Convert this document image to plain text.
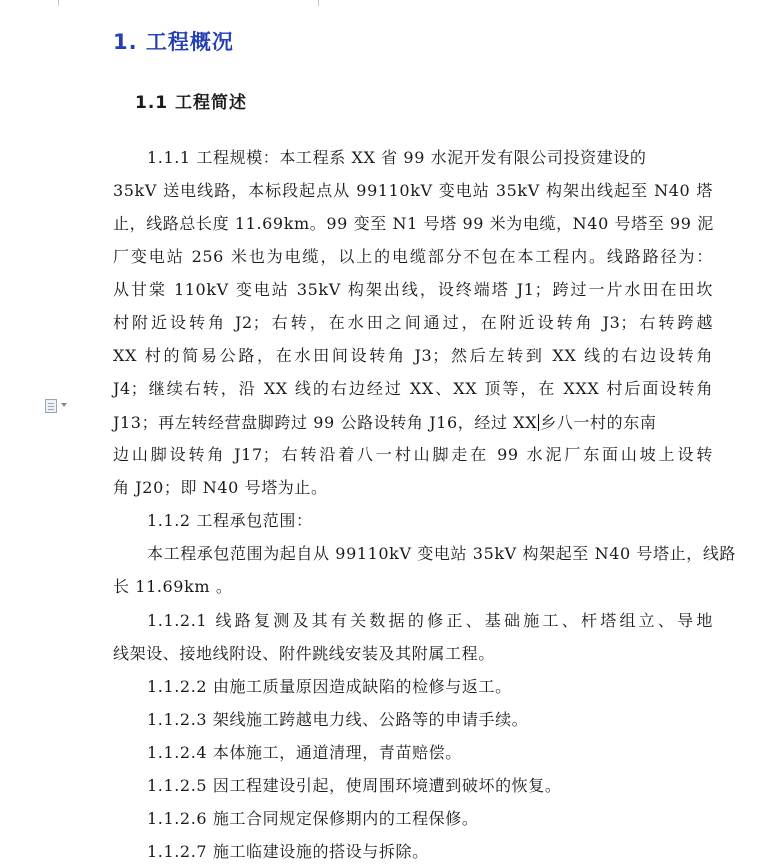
1. 工程概况
1.1 工程简述
1.1.1 工程规模：本工程系 XX 省 99 水泥开发有限公司投资建设的
35kV 送电线路，本标段起点从 99110kV 变电站 35kV 构架出线起至 N40 塔
止，线路总长度 11.69km。99 变至 N1 号塔 99 米为电缆，N40 号塔至 99 泥
厂变电站 256 米也为电缆，以上的电缆部分不包在本工程内。线路路径为：
从甘棠 110kV 变电站 35kV 构架出线，设终端塔 J1；跨过一片水田在田坎
村附近设转角 J2；右转，在水田之间通过，在附近设转角 J3；右转跨越
XX 村的简易公路，在水田间设转角 J3；然后左转到 XX 线的右边设转角
J4；继续右转，沿 XX 线的右边经过 XX、XX 顶等，在 XXX 村后面设转角
J13；再左转经营盘脚跨过 99 公路设转角 J16，经过 XX 乡八一村的东南
边山脚设转角 J17；右转沿着八一村山脚走在 99 水泥厂东面山坡上设转
角 J20；即 N40 号塔为止。
1.1.2 工程承包范围：
本工程承包范围为起自从 99110kV 变电站 35kV 构架起至 N40 号塔止，线路
长 11.69km 。
1.1.2.1 线路复测及其有关数据的修正、基础施工、杆塔组立、导地
线架设、接地线附设、附件跳线安装及其附属工程。
1.1.2.2 由施工质量原因造成缺陷的检修与返工。
1.1.2.3 架线施工跨越电力线、公路等的申请手续。
1.1.2.4 本体施工，通道清理，青苗赔偿。
1.1.2.5 因工程建设引起，使周围环境遭到破坏的恢复。
1.1.2.6 施工合同规定保修期内的工程保修。
1.1.2.7 施工临建设施的搭设与拆除。
